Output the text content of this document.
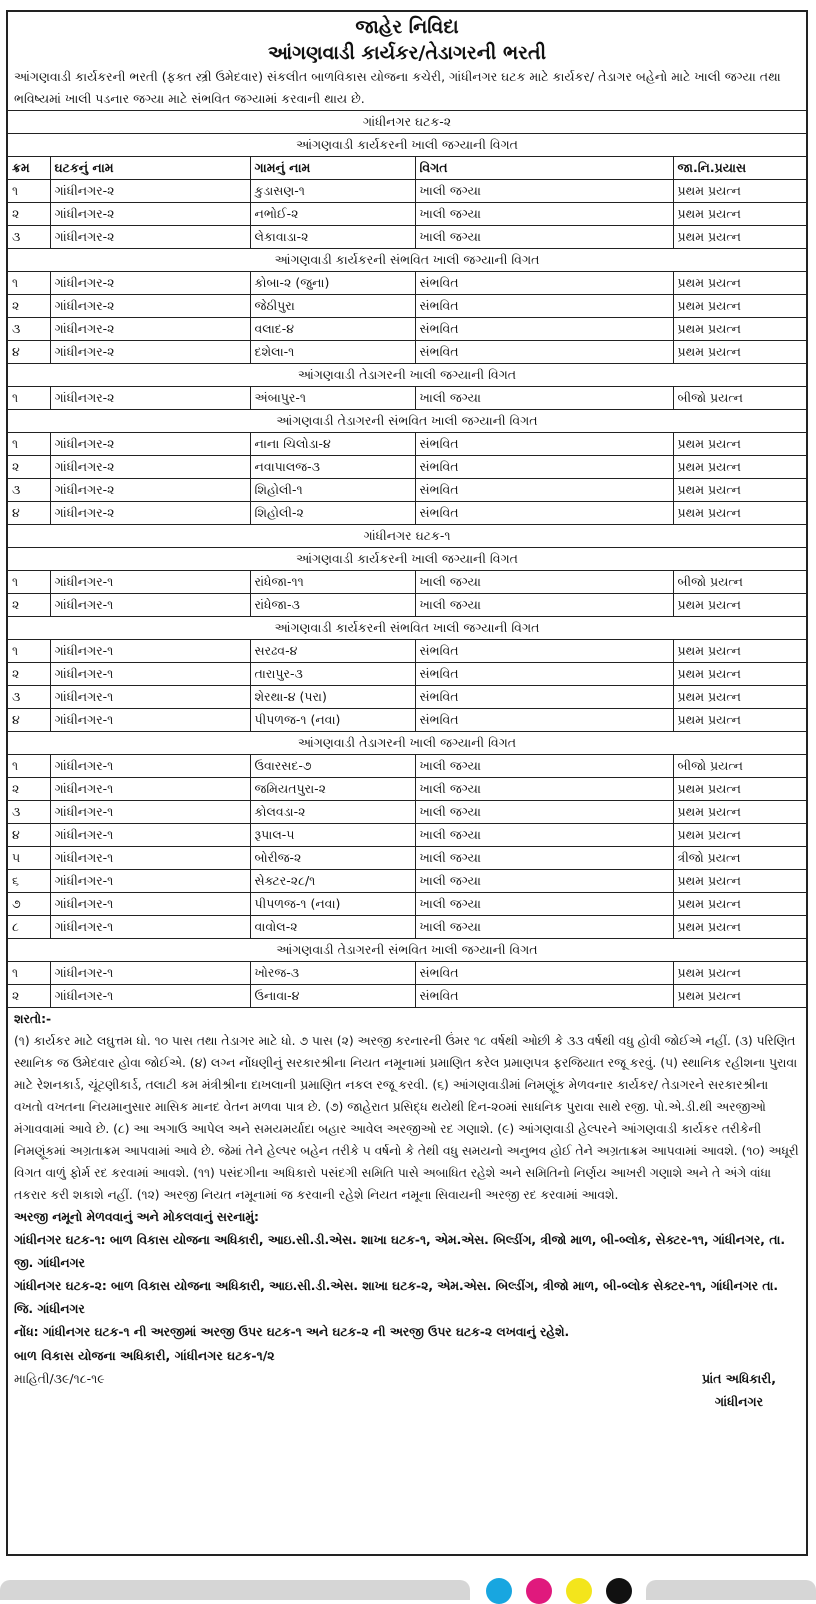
જાહેર નિવિદા
આંગણવાડી કાર્યકર/તેડાગરની ભરતી
આંગણવાડી કાર્યકરની ભરતી (ફક્ત સ્ત્રી ઉમેદવાર) સંકલીત બાળવિકાસ યોજના કચેરી, ગાંધીનગર ઘટક માટે કાર્યકર/ તેડાગર બહેનો માટે ખાલી જગ્યા તથા ભવિષ્યમાં ખાલી પડનાર જગ્યા માટે સંભવિત જગ્યામાં કરવાની થાય છે.
ગાંધીનગર ઘટક-૨				
આંગણવાડી કાર્યકરની ખાલી જગ્યાની વિગત				
ક્રમ	ઘટકનું નામ	ગામનું નામ	વિગત	જા.નિ.પ્રયાસ
૧	ગાંધીનગર-૨	કુડાસણ-૧	ખાલી જગ્યા	પ્રથમ પ્રયત્ન
૨	ગાંધીનગર-૨	નભોઈ-૨	ખાલી જગ્યા	પ્રથમ પ્રયત્ન
૩	ગાંધીનગર-૨	લેકાવાડા-૨	ખાલી જગ્યા	પ્રથમ પ્રયત્ન
આંગણવાડી કાર્યકરની સંભવિત ખાલી જગ્યાની વિગત				
૧	ગાંધીનગર-૨	કોબા-૨ (જુના)	સંભવિત	પ્રથમ પ્રયત્ન
૨	ગાંધીનગર-૨	જેઠીપુરા	સંભવિત	પ્રથમ પ્રયત્ન
૩	ગાંધીનગર-૨	વલાદ-૪	સંભવિત	પ્રથમ પ્રયત્ન
૪	ગાંધીનગર-૨	દશેલા-૧	સંભવિત	પ્રથમ પ્રયત્ન
આંગણવાડી તેડાગરની ખાલી જગ્યાની વિગત				
૧	ગાંધીનગર-૨	અંબાપુર-૧	ખાલી જગ્યા	બીજો પ્રયત્ન
આંગણવાડી તેડાગરની સંભવિત ખાલી જગ્યાની વિગત				
૧	ગાંધીનગર-૨	નાના ચિલોડા-૪	સંભવિત	પ્રથમ પ્રયત્ન
૨	ગાંધીનગર-૨	નવાપાલજ-૩	સંભવિત	પ્રથમ પ્રયત્ન
૩	ગાંધીનગર-૨	શિહોલી-૧	સંભવિત	પ્રથમ પ્રયત્ન
૪	ગાંધીનગર-૨	શિહોલી-૨	સંભવિત	પ્રથમ પ્રયત્ન
ગાંધીનગર ઘટક-૧				
આંગણવાડી કાર્યકરની ખાલી જગ્યાની વિગત				
૧	ગાંધીનગર-૧	રાંધેજા-૧૧	ખાલી જગ્યા	બીજો પ્રયત્ન
૨	ગાંધીનગર-૧	રાંધેજા-૩	ખાલી જગ્યા	પ્રથમ પ્રયત્ન
આંગણવાડી કાર્યકરની સંભવિત ખાલી જગ્યાની વિગત				
૧	ગાંધીનગર-૧	સરઢવ-૪	સંભવિત	પ્રથમ પ્રયત્ન
૨	ગાંધીનગર-૧	તારાપુર-૩	સંભવિત	પ્રથમ પ્રયત્ન
૩	ગાંધીનગર-૧	શેરથા-૪ (પરા)	સંભવિત	પ્રથમ પ્રયત્ન
૪	ગાંધીનગર-૧	પીપળજ-૧ (નવા)	સંભવિત	પ્રથમ પ્રયત્ન
આંગણવાડી તેડાગરની ખાલી જગ્યાની વિગત				
૧	ગાંધીનગર-૧	ઉવારસદ-૭	ખાલી જગ્યા	બીજો પ્રયત્ન
૨	ગાંધીનગર-૧	જમિયતપુરા-૨	ખાલી જગ્યા	પ્રથમ પ્રયત્ન
૩	ગાંધીનગર-૧	કોલવડા-૨	ખાલી જગ્યા	પ્રથમ પ્રયત્ન
૪	ગાંધીનગર-૧	રૂપાલ-૫	ખાલી જગ્યા	પ્રથમ પ્રયત્ન
૫	ગાંધીનગર-૧	બોરીજ-૨	ખાલી જગ્યા	ત્રીજો પ્રયત્ન
૬	ગાંધીનગર-૧	સેક્ટર-૨૮/૧	ખાલી જગ્યા	પ્રથમ પ્રયત્ન
૭	ગાંધીનગર-૧	પીપળજ-૧ (નવા)	ખાલી જગ્યા	પ્રથમ પ્રયત્ન
૮	ગાંધીનગર-૧	વાવોલ-૨	ખાલી જગ્યા	પ્રથમ પ્રયત્ન
આંગણવાડી તેડાગરની સંભવિત ખાલી જગ્યાની વિગત				
૧	ગાંધીનગર-૧	ખોરજ-૩	સંભવિત	પ્રથમ પ્રયત્ન
૨	ગાંધીનગર-૧	ઉનાવા-૪	સંભવિત	પ્રથમ પ્રયત્ન
શરતો:-
(૧) કાર્યકર માટે લઘુત્તમ ધો. ૧૦ પાસ તથા તેડાગર માટે ધો. ૭ પાસ (૨) અરજી કરનારની ઉંમર ૧૮ વર્ષથી ઓછી કે ૩૩ વર્ષથી વધુ હોવી જોઈએ નહીં. (૩) પરિણિત સ્થાનિક જ ઉમેદવાર હોવા જોઈએ. (૪) લગ્ન નોંધણીનું સરકારશ્રીના નિયત નમૂનામાં પ્રમાણિત કરેલ પ્રમાણપત્ર ફરજિયાત રજૂ કરવું. (૫) સ્થાનિક રહીશના પુરાવા માટે રેશનકાર્ડ, ચૂંટણીકાર્ડ, તલાટી કમ મંત્રીશ્રીના દાખલાની પ્રમાણિત નકલ રજૂ કરવી. (૬) આંગણવાડીમાં નિમણૂંક મેળવનાર કાર્યકર/ તેડાગરને સરકારશ્રીના વખતો વખતના નિયમાનુસાર માસિક માનદ વેતન મળવા પાત્ર છે. (૭) જાહેરાત પ્રસિદ્ધ થયેથી દિન-૨૦માં સાધનિક પુરાવા સાથે રજી. પો.એ.ડી.થી અરજીઓ મંગાવવામાં આવે છે. (૮) આ અગાઉ આપેલ અને સમયમર્યાદા બહાર આવેલ અરજીઓ રદ ગણાશે. (૯) આંગણવાડી હેલ્પરને આંગણવાડી કાર્યકર તરીકેની નિમણૂંકમાં અગ્રતાક્રમ આપવામાં આવે છે. જેમાં તેને હેલ્પર બહેન તરીકે ૫ વર્ષનો કે તેથી વધુ સમયનો અનુભવ હોઈ તેને અગ્રતાક્રમ આપવામાં આવશે. (૧૦) અધૂરી વિગત વાળું ફોર્મ રદ કરવામાં આવશે. (૧૧) પસંદગીના અધિકારો પસંદગી સમિતિ પાસે અબાધિત રહેશે અને સમિતિનો નિર્ણય આખરી ગણાશે અને તે અંગે વાંધા તકરાર કરી શકાશે નહીં. (૧૨) અરજી નિયત નમૂનામાં જ કરવાની રહેશે નિયત નમૂના સિવાયની અરજી રદ કરવામાં આવશે.

અરજી નમૂનો મેળવવાનું અને મોકલવાનું સરનામું:

ગાંધીનગર ઘટક-૧: બાળ વિકાસ યોજના અધિકારી, આઇ.સી.ડી.એસ. શાખા ઘટક-૧, એમ.એસ. બિલ્ડીંગ, ત્રીજો માળ, બી-બ્લોક, સેક્ટર-૧૧, ગાંધીનગર, તા. જી. ગાંધીનગર

ગાંધીનગર ઘટક-૨: બાળ વિકાસ યોજના અધિકારી, આઇ.સી.ડી.એસ. શાખા ઘટક-૨, એમ.એસ. બિલ્ડીંગ, ત્રીજો માળ, બી-બ્લોક સેક્ટર-૧૧, ગાંધીનગર તા. જિ. ગાંધીનગર

નોંધ: ગાંધીનગર ઘટક-૧ ની અરજીમાં અરજી ઉપર ઘટક-૧ અને ઘટક-૨ ની અરજી ઉપર ઘટક-૨ લખવાનું રહેશે.

બાળ વિકાસ યોજના અધિકારી, ગાંધીનગર ઘટક-૧/૨
માહિતી/૩૯/૧૮-૧૯	પ્રાંત અધિકારી,
ગાંધીનગર
